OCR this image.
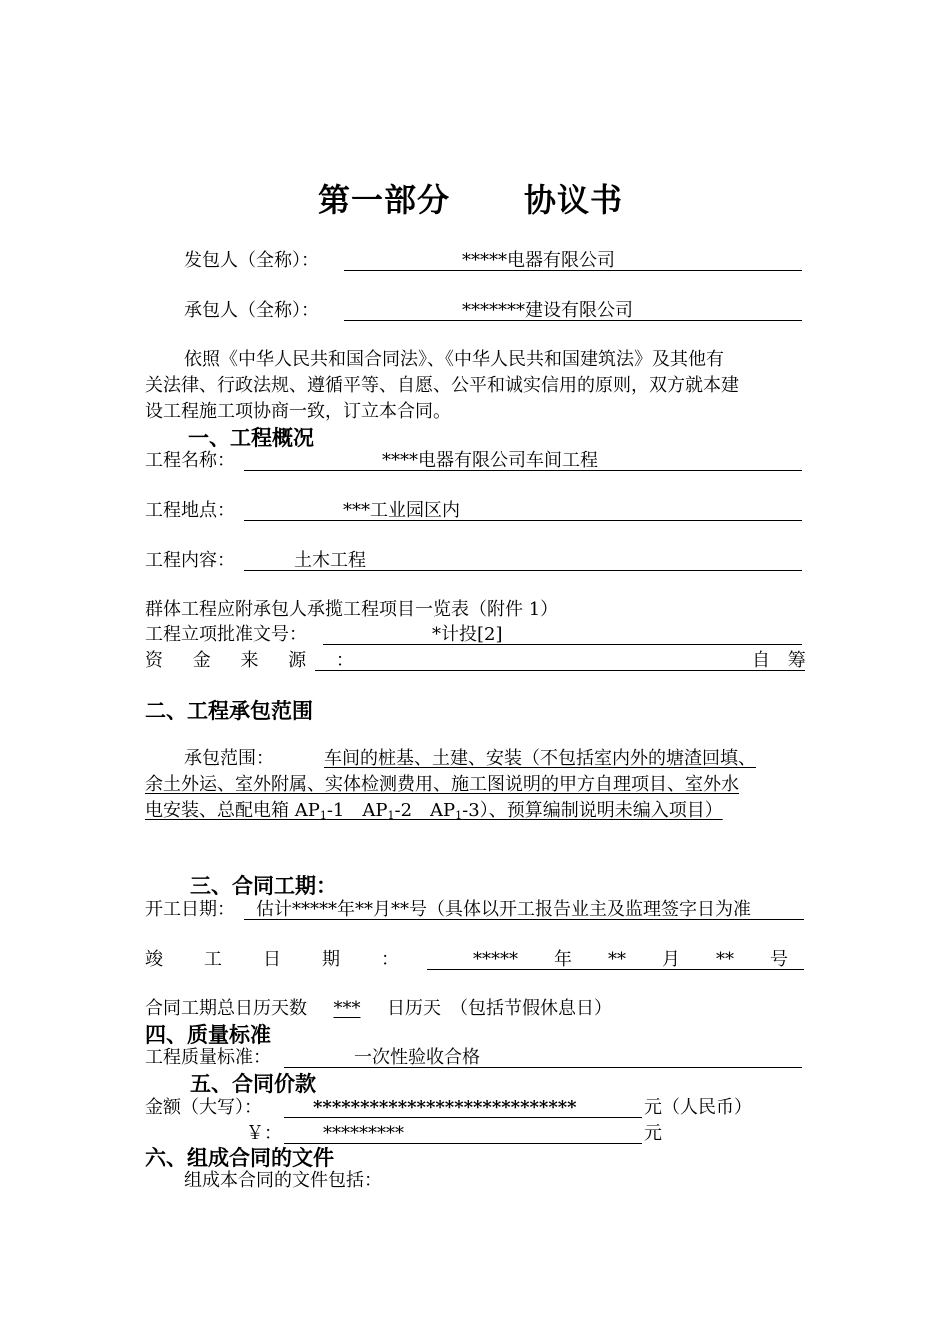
第一部分 协议书
发包人（全称）：	*****电器有限公司
承包人（全称）：	*******建设有限公司
依照《中华人民共和国合同法》、《中华人民共和国建筑法》及其他有
关法律、行政法规、遵循平等、自愿、公平和诚实信用的原则，双方就本建
设工程施工项协商一致，订立本合同。
一、工程概况
工程名称：	****电器有限公司车间工程
工程地点：	***工业园区内
工程内容：	土木工程
群体工程应附承包人承揽工程项目一览表（附件 1）
工程立项批准文号：	*计投[2]
资 金 来 源 ：	自 筹
二、工程承包范围
承包范围：	车间的桩基、土建、安装（不包括室内外的塘渣回填、
余土外运、室外附属、实体检测费用、施工图说明的甲方自理项目、室外水
电安装、总配电箱 $AP_1-1$　$AP_1-2$　$AP_1-3$）、预算编制说明未编入项目）
三、合同工期：
开工日期： 估计*****年**月**号（具体以开工报告业主及监理签字日为准
竣 工 日 期 ：	***** 年 ** 月 ** 号
合同工期总日历天数 *** 日历天　（包括节假休息日）
四、质量标准
工程质量标准：	一次性验收合格
五、合同价款
金额（大写）：	****************************	元（人民币）
￥： *********	元
六、组成合同的文件
组成本合同的文件包括：
